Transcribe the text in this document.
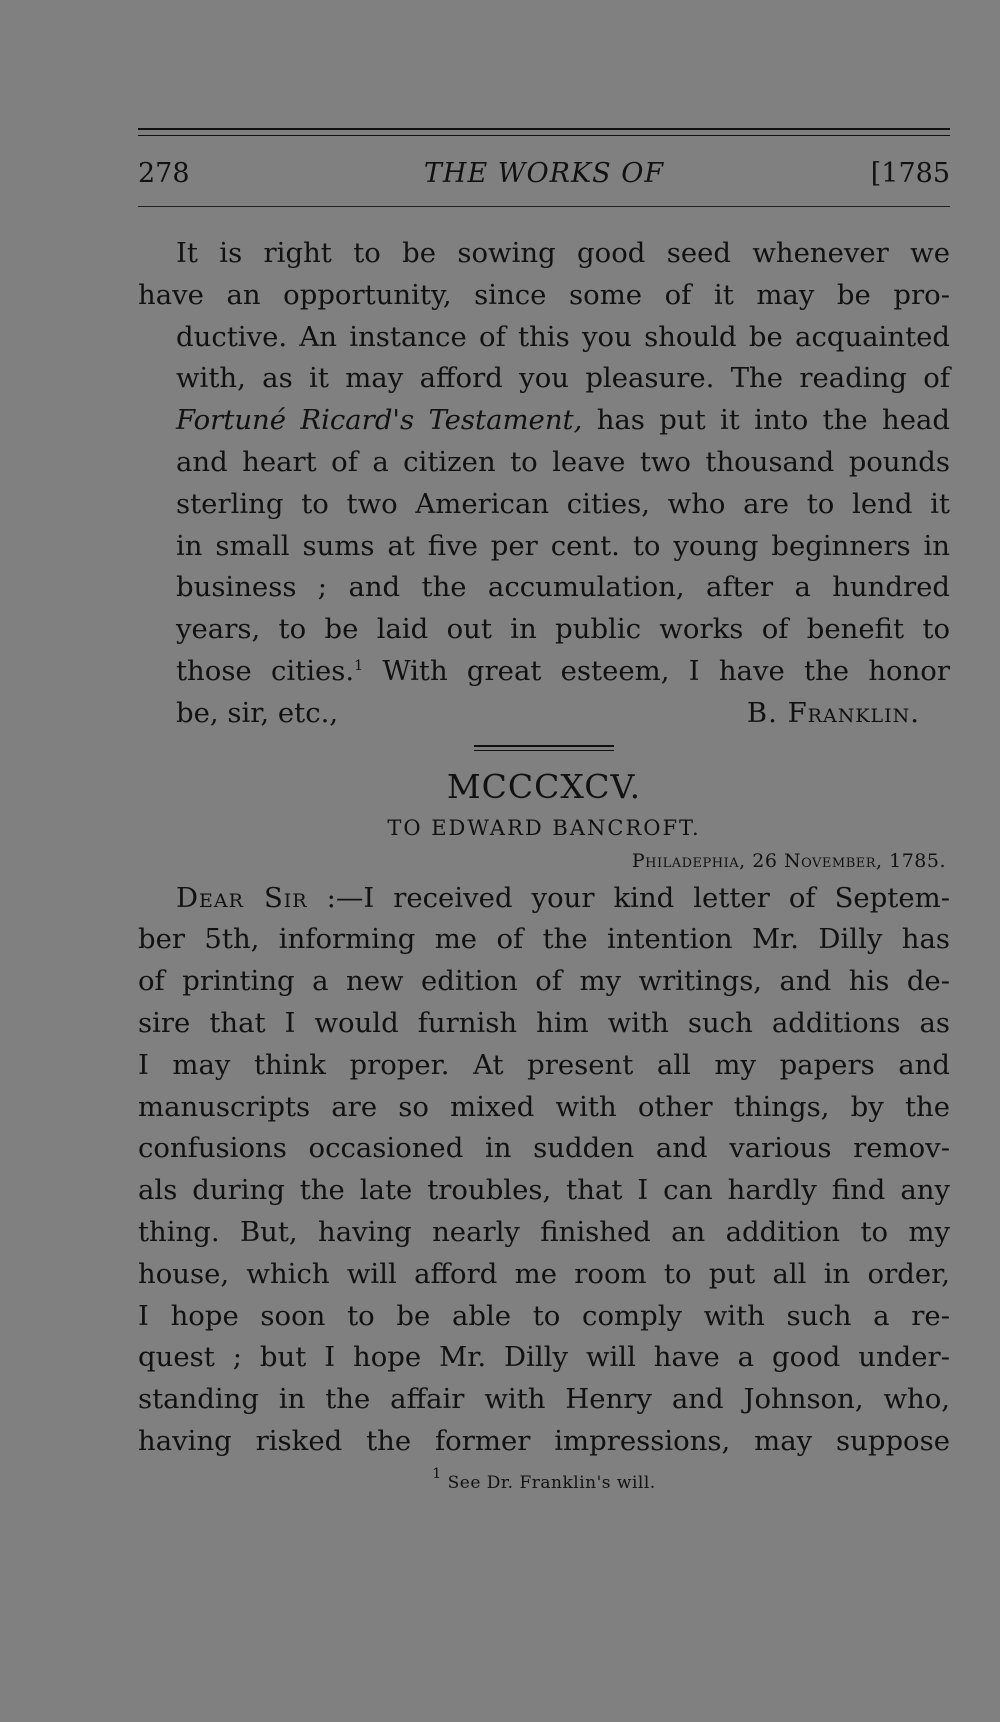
278	THE WORKS OF	[1785
It is right to be sowing good seed whenever we
have an opportunity, since some of it may be pro-
ductive. An instance of this you should be acquainted
with, as it may afford you pleasure. The reading of
Fortuné Ricard's Testament, has put it into the head
and heart of a citizen to leave two thousand pounds
sterling to two American cities, who are to lend it
in small sums at five per cent. to young beginners in
business ; and the accumulation, after a hundred
years, to be laid out in public works of benefit to
those cities.$^1$ With great esteem, I have the honor
be, sir, etc.,	B. Franklin.
MCCCXCV.
TO EDWARD BANCROFT.
Philadephia, 26 November, 1785.
Dear Sir :—I received your kind letter of Septem-
ber 5th, informing me of the intention Mr. Dilly has
of printing a new edition of my writings, and his de-
sire that I would furnish him with such additions as
I may think proper. At present all my papers and
manuscripts are so mixed with other things, by the
confusions occasioned in sudden and various remov-
als during the late troubles, that I can hardly find any
thing. But, having nearly finished an addition to my
house, which will afford me room to put all in order,
I hope soon to be able to comply with such a re-
quest ; but I hope Mr. Dilly will have a good under-
standing in the affair with Henry and Johnson, who,
having risked the former impressions, may suppose
$^1$ See Dr. Franklin's will.
